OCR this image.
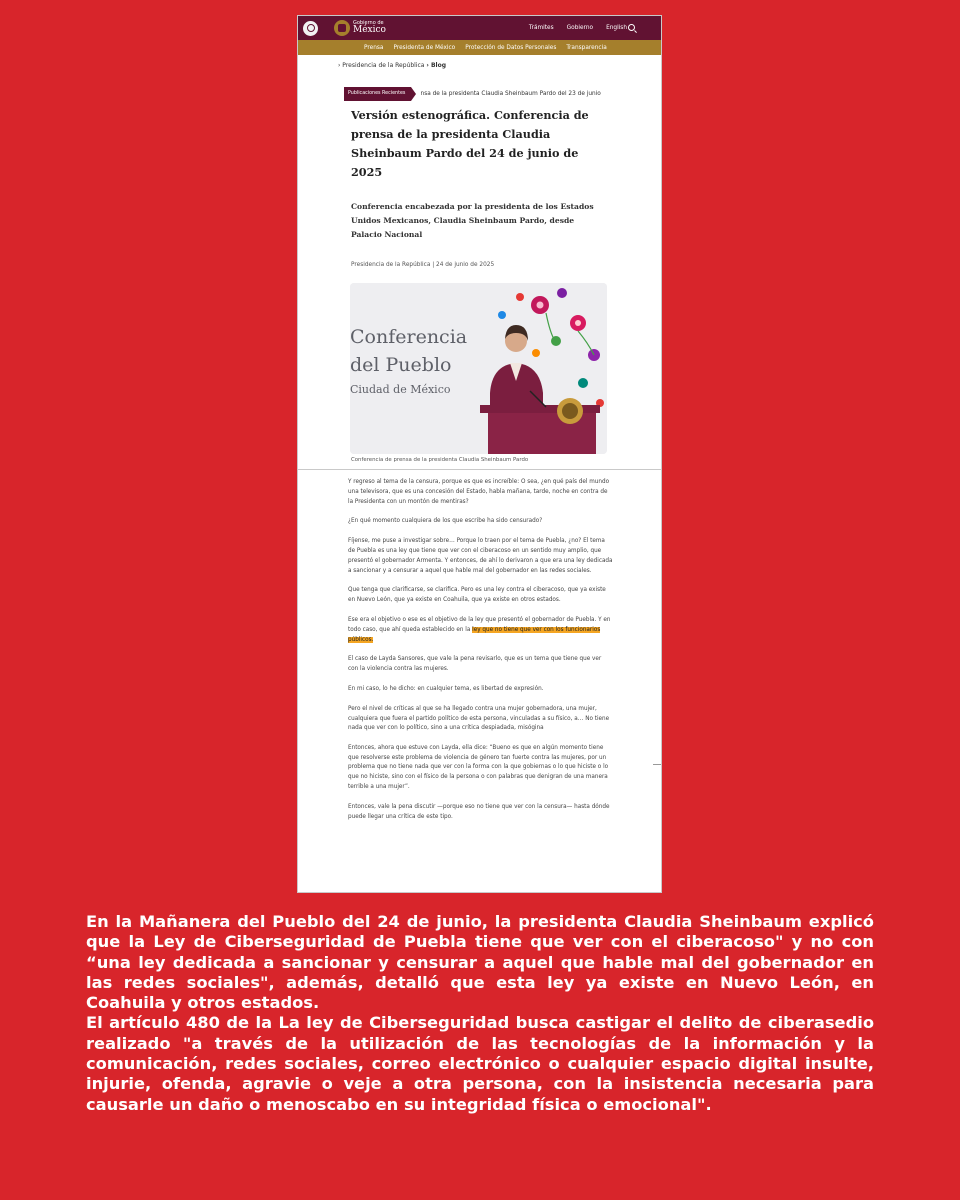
Gobierno de
México	Trámites Gobierno English
Prensa Presidenta de México Protección de Datos Personales Transparencia
› Presidencia de la República › Blog
Publicaciones Recientes	nsa de la presidenta Claudia Sheinbaum Pardo del 23 de junio
Versión estenográfica. Conferencia de prensa de la presidenta Claudia Sheinbaum Pardo del 24 de junio de 2025
Conferencia encabezada por la presidenta de los Estados Unidos Mexicanos, Claudia Sheinbaum Pardo, desde Palacio Nacional
Presidencia de la República | 24 de junio de 2025
Conferencia
del Pueblo
Ciudad de México
Conferencia de prensa de la presidenta Claudia Sheinbaum Pardo

Y regreso al tema de la censura, porque es que es increíble: O sea, ¿en qué país del mundo una televisora, que es una concesión del Estado, habla mañana, tarde, noche en contra de la Presidenta con un montón de mentiras?

¿En qué momento cualquiera de los que escribe ha sido censurado?

Fíjense, me puse a investigar sobre… Porque lo traen por el tema de Puebla, ¿no? El tema de Puebla es una ley que tiene que ver con el ciberacoso en un sentido muy amplio, que presentó el gobernador Armenta. Y entonces, de ahí lo derivaron a que era una ley dedicada a sancionar y a censurar a aquel que hable mal del gobernador en las redes sociales.

Que tenga que clarificarse, se clarifica. Pero es una ley contra el ciberacoso, que ya existe en Nuevo León, que ya existe en Coahuila, que ya existe en otros estados.

Ese era el objetivo o ese es el objetivo de la ley que presentó el gobernador de Puebla. Y en todo caso, que ahí queda establecido en la ley que no tiene que ver con los funcionarios públicos.

El caso de Layda Sansores, que vale la pena revisarlo, que es un tema que tiene que ver con la violencia contra las mujeres.

En mi caso, lo he dicho: en cualquier tema, es libertad de expresión.

Pero el nivel de críticas al que se ha llegado contra una mujer gobernadora, una mujer, cualquiera que fuera el partido político de esta persona, vinculadas a su físico, a… No tiene nada que ver con lo político, sino a una crítica despiadada, misógina

Entonces, ahora que estuve con Layda, ella dice: “Bueno es que en algún momento tiene que resolverse este problema de violencia de género tan fuerte contra las mujeres, por un problema que no tiene nada que ver con la forma con la que gobiernas o lo que hiciste o lo que no hiciste, sino con el físico de la persona o con palabras que denigran de una manera terrible a una mujer”.

Entonces, vale la pena discutir —porque eso no tiene que ver con la censura— hasta dónde puede llegar una crítica de este tipo.

En la Mañanera del Pueblo del 24 de junio, la presidenta Claudia Sheinbaum explicó que la Ley de Ciberseguridad de Puebla tiene que ver con el ciberacoso" y no con “una ley dedicada a sancionar y censurar a aquel que hable mal del gobernador en las redes sociales", además, detalló que esta ley ya existe en Nuevo León, en Coahuila y otros estados.

El artículo 480 de la La ley de Ciberseguridad busca castigar el delito de ciberasedio realizado "a través de la utilización de las tecnologías de la información y la comunicación, redes sociales, correo electrónico o cualquier espacio digital insulte, injurie, ofenda, agravie o veje a otra persona, con la insistencia necesaria para causarle un daño o menoscabo en su integridad física o emocional".
